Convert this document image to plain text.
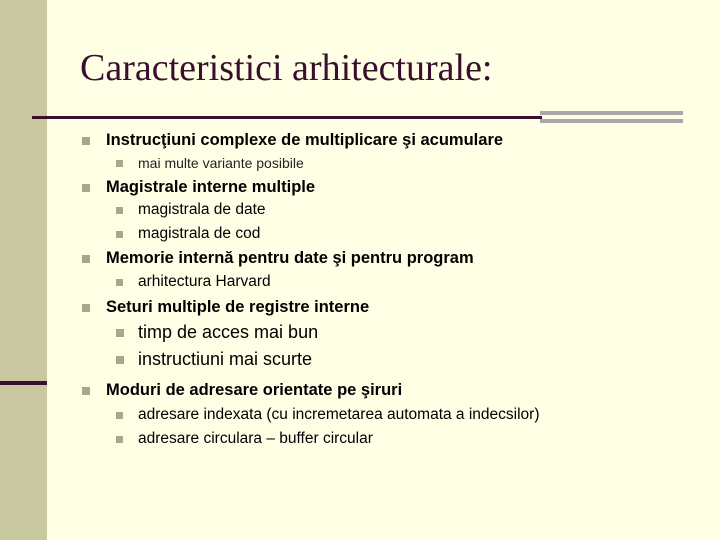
Caracteristici arhitecturale:
Instrucţiuni complexe de multiplicare şi acumulare
mai multe variante posibile
Magistrale interne multiple
magistrala de date
magistrala de cod
Memorie internă pentru date şi pentru program
arhitectura Harvard
Seturi multiple de registre interne
timp de acces mai bun
instructiuni mai scurte
Moduri de adresare orientate pe şiruri
adresare indexata (cu incremetarea automata a indecsilor)
adresare circulara – buffer circular
